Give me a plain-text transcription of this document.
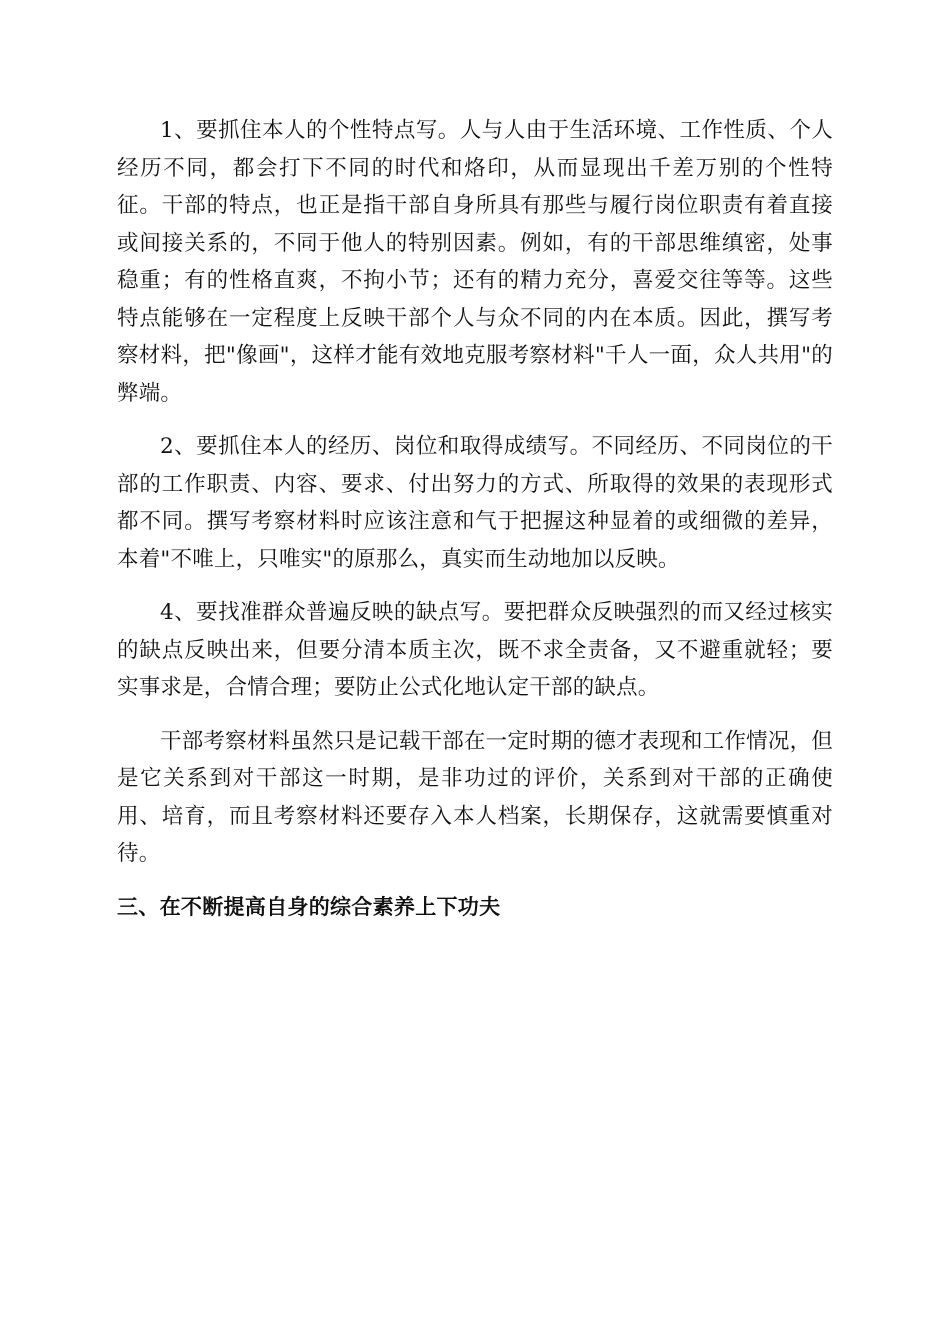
1、要抓住本人的个性特点写。人与人由于生活环境、工作性质、个人经历不同，都会打下不同的时代和烙印，从而显现出千差万别的个性特征。干部的特点，也正是指干部自身所具有那些与履行岗位职责有着直接或间接关系的，不同于他人的特别因素。例如，有的干部思维缜密，处事稳重；有的性格直爽，不拘小节；还有的精力充分，喜爱交往等等。这些特点能够在一定程度上反映干部个人与众不同的内在本质。因此，撰写考察材料，把"像画"，这样才能有效地克服考察材料"千人一面，众人共用"的弊端。

2、要抓住本人的经历、岗位和取得成绩写。不同经历、不同岗位的干部的工作职责、内容、要求、付出努力的方式、所取得的效果的表现形式都不同。撰写考察材料时应该注意和气于把握这种显着的或细微的差异，本着"不唯上，只唯实"的原那么，真实而生动地加以反映。

4、要找准群众普遍反映的缺点写。要把群众反映强烈的而又经过核实的缺点反映出来，但要分清本质主次，既不求全责备，又不避重就轻；要实事求是，合情合理；要防止公式化地认定干部的缺点。

干部考察材料虽然只是记载干部在一定时期的德才表现和工作情况，但是它关系到对干部这一时期，是非功过的评价，关系到对干部的正确使用、培育，而且考察材料还要存入本人档案，长期保存，这就需要慎重对待。

三、在不断提高自身的综合素养上下功夫
